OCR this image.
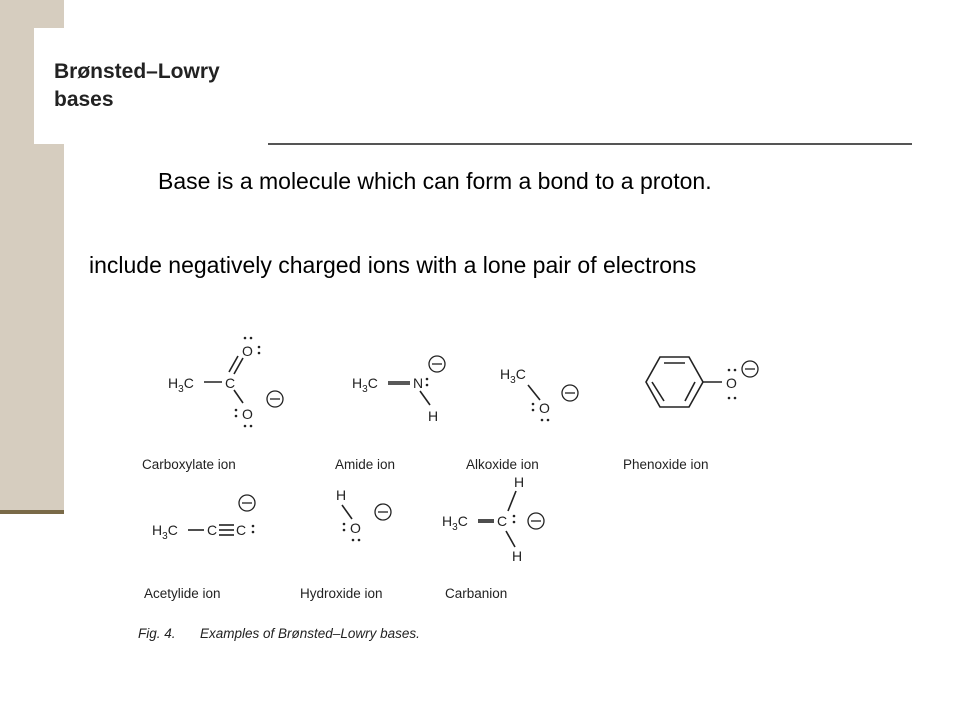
Brønsted–Lowry
bases

Base is a molecule which can form a bond to a proton.

include negatively charged ions with a lone pair of electrons

$H_3C$ C
O
O
Carboxylate ion
$H_3C$	N
H
Amide ion
$H_3C$
O
Alkoxide ion
O
Phenoxide ion
$H_3C$ C C
Acetylide ion
H
O
Hydroxide ion
H
$H_3C$ C
H
Carbanion
Fig. 4. Examples of Brønsted–Lowry bases.
